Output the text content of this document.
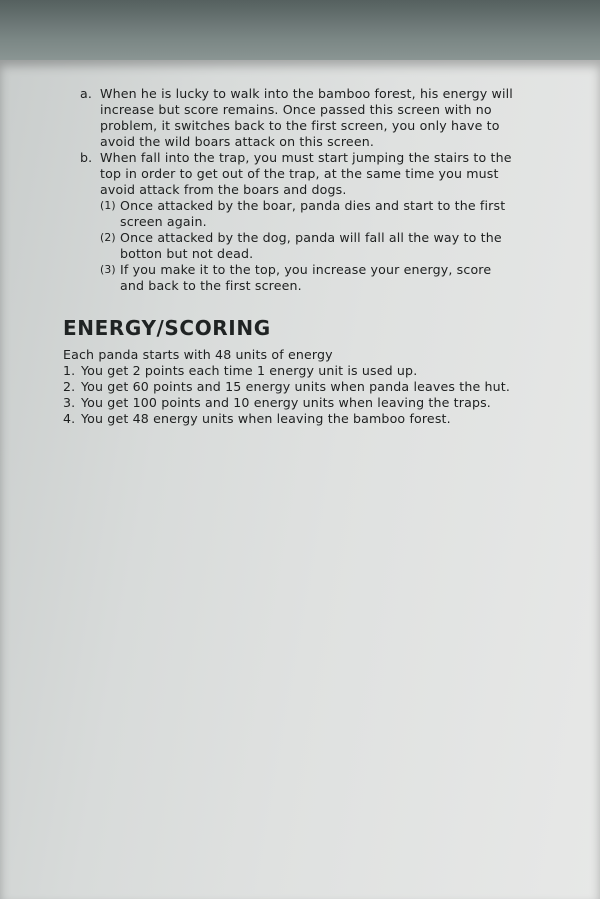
a. When he is lucky to walk into the bamboo forest, his energy will
increase but score remains. Once passed this screen with no
problem, it switches back to the first screen, you only have to
avoid the wild boars attack on this screen.
b. When fall into the trap, you must start jumping the stairs to the
top in order to get out of the trap, at the same time you must
avoid attack from the boars and dogs.
(1) Once attacked by the boar, panda dies and start to the first
screen again.
(2) Once attacked by the dog, panda will fall all the way to the
botton but not dead.
(3) If you make it to the top, you increase your energy, score
and back to the first screen.
ENERGY/SCORING
Each panda starts with 48 units of energy
1. You get 2 points each time 1 energy unit is used up.
2. You get 60 points and 15 energy units when panda leaves the hut.
3. You get 100 points and 10 energy units when leaving the traps.
4. You get 48 energy units when leaving the bamboo forest.
